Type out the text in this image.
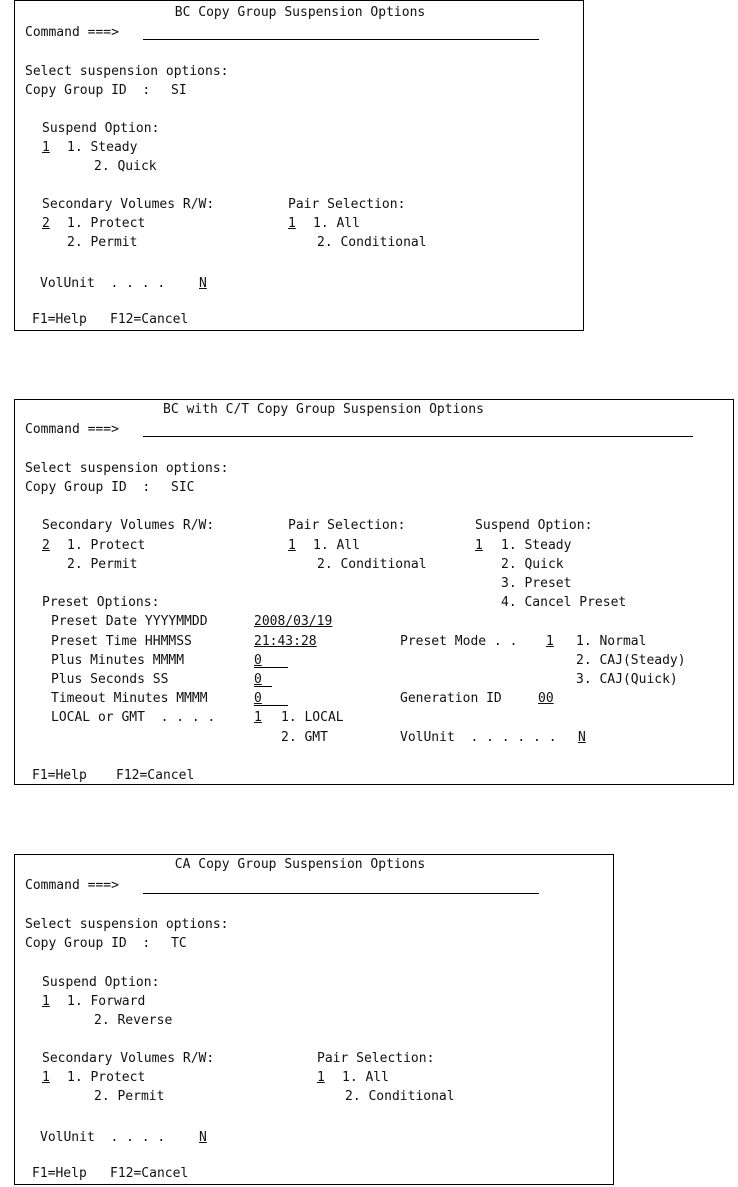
BC Copy Group Suspension Options
Command ===>
Select suspension options:
Copy Group ID  : SI
Suspend Option:
1 1. Steady
2. Quick
Secondary Volumes R/W:
2 1. Protect
2. Permit
Pair Selection:
1 1. All
2. Conditional
VolUnit  . . . .	N
F1=Help F12=Cancel
BC with C/T Copy Group Suspension Options
Command ===>
Select suspension options:
Copy Group ID  : SIC
Secondary Volumes R/W:
2 1. Protect
2. Permit
Pair Selection:
1 1. All
2. Conditional
Suspend Option:
1 1. Steady
2. Quick
3. Preset
4. Cancel Preset
Preset Options:
Preset Date YYYYMMDD	2008/03/19
Preset Time HHMMSS	21:43:28	Preset Mode . . 1 1. Normal
2. CAJ(Steady)
3. CAJ(Quick)
Plus Minutes MMMM	0
Plus Seconds SS	0
Timeout Minutes MMMM	0	Generation ID	00
LOCAL or GMT  . . . .	1 1. LOCAL
2. GMT	VolUnit  . . . . . . N
F1=Help F12=Cancel
CA Copy Group Suspension Options
Command ===>
Select suspension options:
Copy Group ID  : TC
Suspend Option:
1 1. Forward
2. Reverse
Secondary Volumes R/W:
1 1. Protect
2. Permit
Pair Selection:
1 1. All
2. Conditional
VolUnit  . . . .	N
F1=Help F12=Cancel
